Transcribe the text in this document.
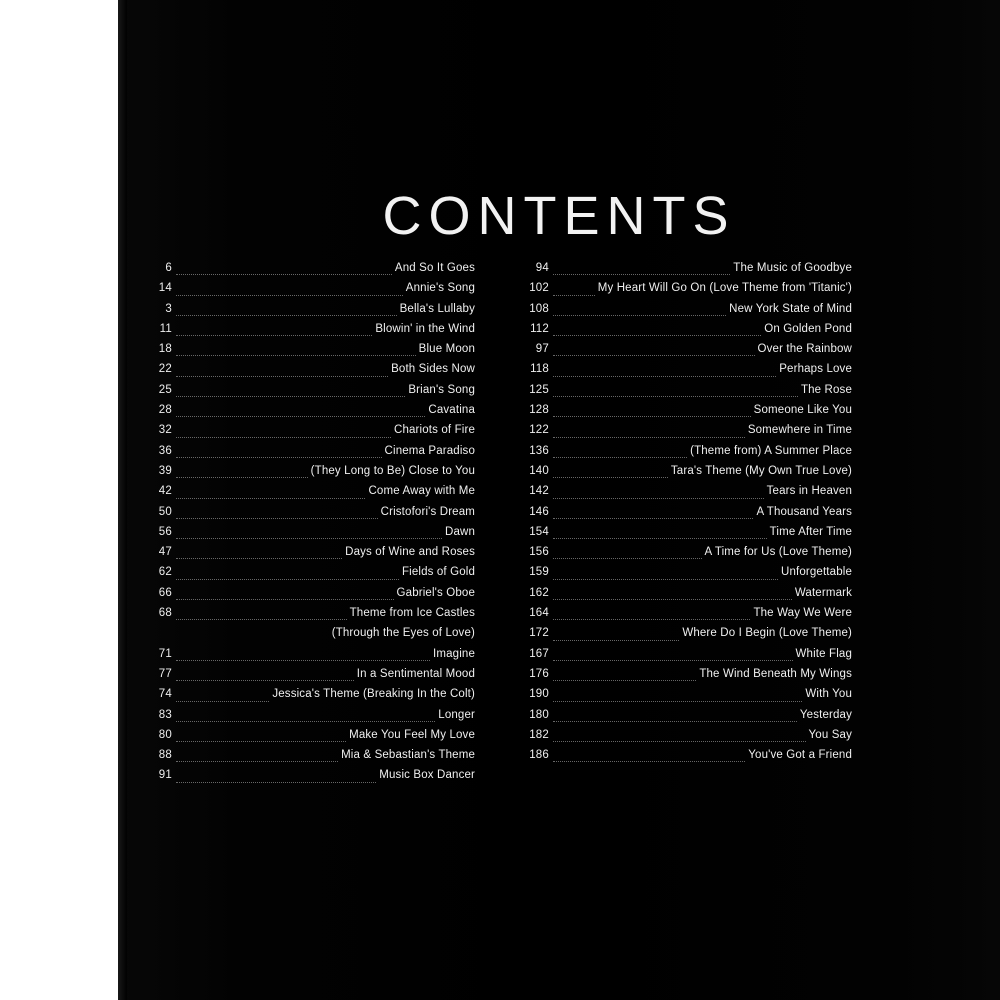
CONTENTS
6	And So It Goes
14	Annie's Song
3	Bella's Lullaby
11	Blowin' in the Wind
18	Blue Moon
22	Both Sides Now
25	Brian's Song
28	Cavatina
32	Chariots of Fire
36	Cinema Paradiso
39	(They Long to Be) Close to You
42	Come Away with Me
50	Cristofori's Dream
56	Dawn
47	Days of Wine and Roses
62	Fields of Gold
66	Gabriel's Oboe
68	Theme from Ice Castles
(Through the Eyes of Love)
71	Imagine
77	In a Sentimental Mood
74	Jessica's Theme (Breaking In the Colt)
83	Longer
80	Make You Feel My Love
88	Mia & Sebastian's Theme
91	Music Box Dancer
94	The Music of Goodbye
102	My Heart Will Go On (Love Theme from 'Titanic')
108	New York State of Mind
112	On Golden Pond
97	Over the Rainbow
118	Perhaps Love
125	The Rose
128	Someone Like You
122	Somewhere in Time
136	(Theme from) A Summer Place
140	Tara's Theme (My Own True Love)
142	Tears in Heaven
146	A Thousand Years
154	Time After Time
156	A Time for Us (Love Theme)
159	Unforgettable
162	Watermark
164	The Way We Were
172	Where Do I Begin (Love Theme)
167	White Flag
176	The Wind Beneath My Wings
190	With You
180	Yesterday
182	You Say
186	You've Got a Friend
